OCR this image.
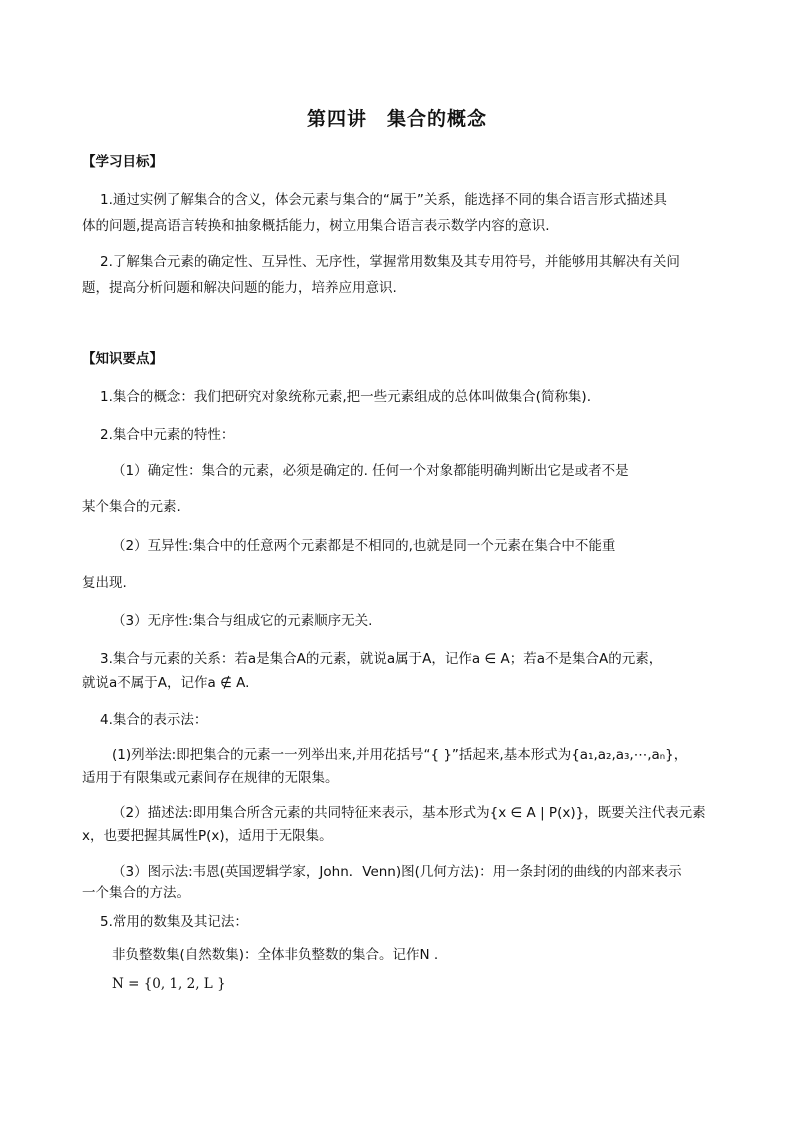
第四讲　集合的概念
【学习目标】
1.通过实例了解集合的含义，体会元素与集合的“属于”关系，能选择不同的集合语言形式描述具
体的问题,提高语言转换和抽象概括能力，树立用集合语言表示数学内容的意识.
2.了解集合元素的确定性、互异性、无序性，掌握常用数集及其专用符号，并能够用其解决有关问
题，提高分析问题和解决问题的能力，培养应用意识.
【知识要点】
1.集合的概念：我们把研究对象统称元素,把一些元素组成的总体叫做集合(简称集).
2.集合中元素的特性：
（1）确定性：集合的元素，必须是确定的. 任何一个对象都能明确判断出它是或者不是
某个集合的元素.
（2）互异性:集合中的任意两个元素都是不相同的,也就是同一个元素在集合中不能重
复出现.
（3）无序性:集合与组成它的元素顺序无关.
3.集合与元素的关系：若a是集合A的元素，就说a属于A，记作a ∈ A；若a不是集合A的元素，
就说a不属于A，记作a ∉ A.
4.集合的表示法：
(1)列举法:即把集合的元素一一列举出来,并用花括号“{ }”括起来,基本形式为{a₁,a₂,a₃,⋯,aₙ}，
适用于有限集或元素间存在规律的无限集。
（2）描述法:即用集合所含元素的共同特征来表示，基本形式为{x ∈ A | P(x)}，既要关注代表元素
x，也要把握其属性P(x)，适用于无限集。
（3）图示法:韦恩(英国逻辑学家，John．Venn)图(几何方法)：用一条封闭的曲线的内部来表示
一个集合的方法。
5.常用的数集及其记法：
非负整数集(自然数集)：全体非负整数的集合。记作N .
N = {0, 1, 2, L }
